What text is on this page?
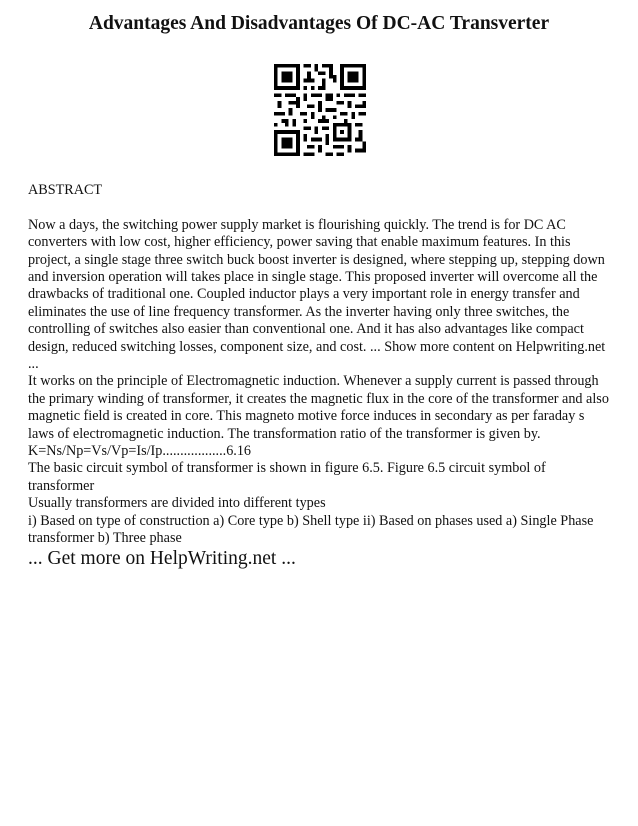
Advantages And Disadvantages Of DC-AC Transverter

ABSTRACT

Now a days, the switching power supply market is flourishing quickly. The trend is for DC AC converters with low cost, higher efficiency, power saving that enable maximum features. In this project, a single stage three switch buck boost inverter is designed, where stepping up, stepping down and inversion operation will takes place in single stage. This proposed inverter will overcome all the drawbacks of traditional one. Coupled inductor plays a very important role in energy transfer and eliminates the use of line frequency transformer. As the inverter having only three switches, the controlling of switches also easier than conventional one. And it has also advantages like compact design, reduced switching losses, component size, and cost. ... Show more content on Helpwriting.net

...

It works on the principle of Electromagnetic induction. Whenever a supply current is passed through the primary winding of transformer, it creates the magnetic flux in the core of the transformer and also magnetic field is created in core. This magneto motive force induces in secondary as per faraday s laws of electromagnetic induction. The transformation ratio of the transformer is given by.

K=Ns/Np=Vs/Vp=Is/Ip..................6.16

The basic circuit symbol of transformer is shown in figure 6.5. Figure 6.5 circuit symbol of transformer

Usually transformers are divided into different types

i) Based on type of construction a) Core type b) Shell type ii) Based on phases used a) Single Phase transformer b) Three phase

... Get more on HelpWriting.net ...
